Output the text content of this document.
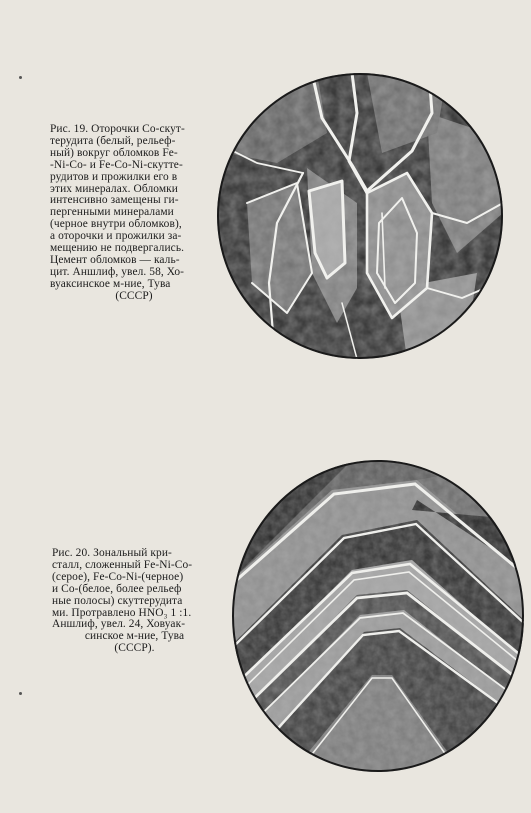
Рис. 19. Оторочки Co-скут-
терудита (белый, рельеф-
ный) вокруг обломков Fe-
-Ni-Co- и Fe-Co-Ni-скутте-
рудитов и прожилки его в
этих минералах. Обломки
интенсивно замещены ги-
пергенными минералами
(черное внутри обломков),
а оторочки и прожилки за-
мещению не подвергались.
Цемент обломков — каль-
цит. Аншлиф, увел. 58, Хо-
вуаксинское м-ние, Тува
(СССР)
Рис. 20. Зональный кри-
сталл, сложенный Fe-Ni-Co-
(серое), Fe-Co-Ni-(черное)
и Co-(белое, более рельеф
ные полосы) скуттерудита
ми. Протравлено HNO₃ 1 :1.
Аншлиф, увел. 24, Ховуак-
синское м-ние, Тува
(СССР).
